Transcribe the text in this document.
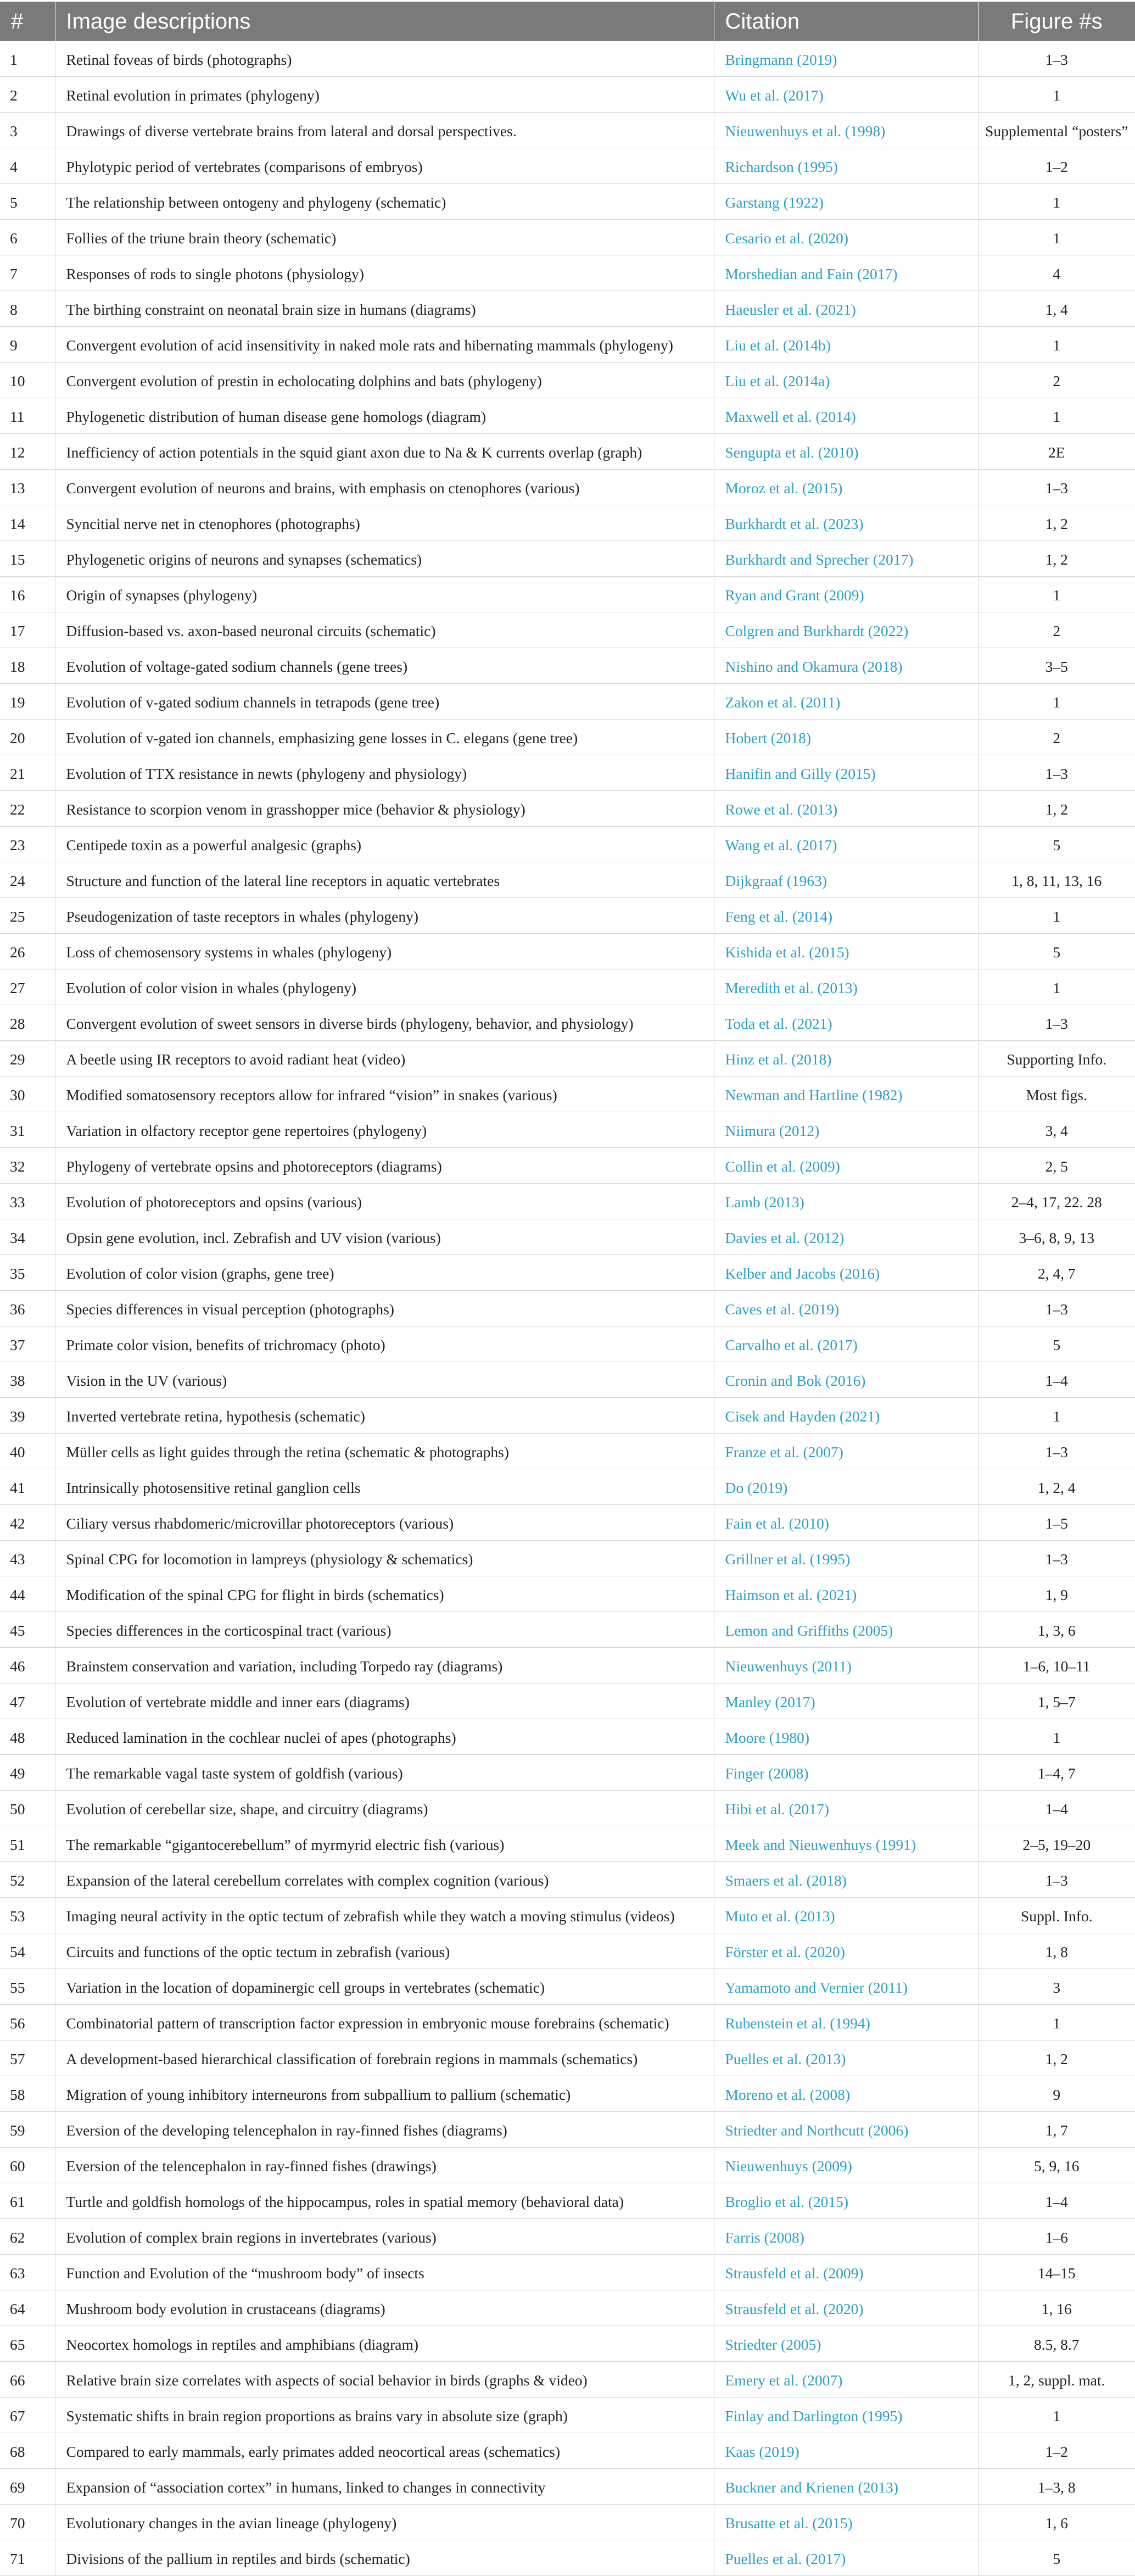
#	Image descriptions	Citation	Figure #s
1	Retinal foveas of birds (photographs)	Bringmann (2019)	1–3
2	Retinal evolution in primates (phylogeny)	Wu et al. (2017)	1
3	Drawings of diverse vertebrate brains from lateral and dorsal perspectives.	Nieuwenhuys et al. (1998)	Supplemental “posters”
4	Phylotypic period of vertebrates (comparisons of embryos)	Richardson (1995)	1–2
5	The relationship between ontogeny and phylogeny (schematic)	Garstang (1922)	1
6	Follies of the triune brain theory (schematic)	Cesario et al. (2020)	1
7	Responses of rods to single photons (physiology)	Morshedian and Fain (2017)	4
8	The birthing constraint on neonatal brain size in humans (diagrams)	Haeusler et al. (2021)	1, 4
9	Convergent evolution of acid insensitivity in naked mole rats and hibernating mammals (phylogeny)	Liu et al. (2014b)	1
10	Convergent evolution of prestin in echolocating dolphins and bats (phylogeny)	Liu et al. (2014a)	2
11	Phylogenetic distribution of human disease gene homologs (diagram)	Maxwell et al. (2014)	1
12	Inefficiency of action potentials in the squid giant axon due to Na & K currents overlap (graph)	Sengupta et al. (2010)	2E
13	Convergent evolution of neurons and brains, with emphasis on ctenophores (various)	Moroz et al. (2015)	1–3
14	Syncitial nerve net in ctenophores (photographs)	Burkhardt et al. (2023)	1, 2
15	Phylogenetic origins of neurons and synapses (schematics)	Burkhardt and Sprecher (2017)	1, 2
16	Origin of synapses (phylogeny)	Ryan and Grant (2009)	1
17	Diffusion-based vs. axon-based neuronal circuits (schematic)	Colgren and Burkhardt (2022)	2
18	Evolution of voltage-gated sodium channels (gene trees)	Nishino and Okamura (2018)	3–5
19	Evolution of v-gated sodium channels in tetrapods (gene tree)	Zakon et al. (2011)	1
20	Evolution of v-gated ion channels, emphasizing gene losses in C. elegans (gene tree)	Hobert (2018)	2
21	Evolution of TTX resistance in newts (phylogeny and physiology)	Hanifin and Gilly (2015)	1–3
22	Resistance to scorpion venom in grasshopper mice (behavior & physiology)	Rowe et al. (2013)	1, 2
23	Centipede toxin as a powerful analgesic (graphs)	Wang et al. (2017)	5
24	Structure and function of the lateral line receptors in aquatic vertebrates	Dijkgraaf (1963)	1, 8, 11, 13, 16
25	Pseudogenization of taste receptors in whales (phylogeny)	Feng et al. (2014)	1
26	Loss of chemosensory systems in whales (phylogeny)	Kishida et al. (2015)	5
27	Evolution of color vision in whales (phylogeny)	Meredith et al. (2013)	1
28	Convergent evolution of sweet sensors in diverse birds (phylogeny, behavior, and physiology)	Toda et al. (2021)	1–3
29	A beetle using IR receptors to avoid radiant heat (video)	Hinz et al. (2018)	Supporting Info.
30	Modified somatosensory receptors allow for infrared “vision” in snakes (various)	Newman and Hartline (1982)	Most figs.
31	Variation in olfactory receptor gene repertoires (phylogeny)	Niimura (2012)	3, 4
32	Phylogeny of vertebrate opsins and photoreceptors (diagrams)	Collin et al. (2009)	2, 5
33	Evolution of photoreceptors and opsins (various)	Lamb (2013)	2–4, 17, 22. 28
34	Opsin gene evolution, incl. Zebrafish and UV vision (various)	Davies et al. (2012)	3–6, 8, 9, 13
35	Evolution of color vision (graphs, gene tree)	Kelber and Jacobs (2016)	2, 4, 7
36	Species differences in visual perception (photographs)	Caves et al. (2019)	1–3
37	Primate color vision, benefits of trichromacy (photo)	Carvalho et al. (2017)	5
38	Vision in the UV (various)	Cronin and Bok (2016)	1–4
39	Inverted vertebrate retina, hypothesis (schematic)	Cisek and Hayden (2021)	1
40	Müller cells as light guides through the retina (schematic & photographs)	Franze et al. (2007)	1–3
41	Intrinsically photosensitive retinal ganglion cells	Do (2019)	1, 2, 4
42	Ciliary versus rhabdomeric/microvillar photoreceptors (various)	Fain et al. (2010)	1–5
43	Spinal CPG for locomotion in lampreys (physiology & schematics)	Grillner et al. (1995)	1–3
44	Modification of the spinal CPG for flight in birds (schematics)	Haimson et al. (2021)	1, 9
45	Species differences in the corticospinal tract (various)	Lemon and Griffiths (2005)	1, 3, 6
46	Brainstem conservation and variation, including Torpedo ray (diagrams)	Nieuwenhuys (2011)	1–6, 10–11
47	Evolution of vertebrate middle and inner ears (diagrams)	Manley (2017)	1, 5–7
48	Reduced lamination in the cochlear nuclei of apes (photographs)	Moore (1980)	1
49	The remarkable vagal taste system of goldfish (various)	Finger (2008)	1–4, 7
50	Evolution of cerebellar size, shape, and circuitry (diagrams)	Hibi et al. (2017)	1–4
51	The remarkable “gigantocerebellum” of myrmyrid electric fish (various)	Meek and Nieuwenhuys (1991)	2–5, 19–20
52	Expansion of the lateral cerebellum correlates with complex cognition (various)	Smaers et al. (2018)	1–3
53	Imaging neural activity in the optic tectum of zebrafish while they watch a moving stimulus (videos)	Muto et al. (2013)	Suppl. Info.
54	Circuits and functions of the optic tectum in zebrafish (various)	Förster et al. (2020)	1, 8
55	Variation in the location of dopaminergic cell groups in vertebrates (schematic)	Yamamoto and Vernier (2011)	3
56	Combinatorial pattern of transcription factor expression in embryonic mouse forebrains (schematic)	Rubenstein et al. (1994)	1
57	A development-based hierarchical classification of forebrain regions in mammals (schematics)	Puelles et al. (2013)	1, 2
58	Migration of young inhibitory interneurons from subpallium to pallium (schematic)	Moreno et al. (2008)	9
59	Eversion of the developing telencephalon in ray-finned fishes (diagrams)	Striedter and Northcutt (2006)	1, 7
60	Eversion of the telencephalon in ray-finned fishes (drawings)	Nieuwenhuys (2009)	5, 9, 16
61	Turtle and goldfish homologs of the hippocampus, roles in spatial memory (behavioral data)	Broglio et al. (2015)	1–4
62	Evolution of complex brain regions in invertebrates (various)	Farris (2008)	1–6
63	Function and Evolution of the “mushroom body” of insects	Strausfeld et al. (2009)	14–15
64	Mushroom body evolution in crustaceans (diagrams)	Strausfeld et al. (2020)	1, 16
65	Neocortex homologs in reptiles and amphibians (diagram)	Striedter (2005)	8.5, 8.7
66	Relative brain size correlates with aspects of social behavior in birds (graphs & video)	Emery et al. (2007)	1, 2, suppl. mat.
67	Systematic shifts in brain region proportions as brains vary in absolute size (graph)	Finlay and Darlington (1995)	1
68	Compared to early mammals, early primates added neocortical areas (schematics)	Kaas (2019)	1–2
69	Expansion of “association cortex” in humans, linked to changes in connectivity	Buckner and Krienen (2013)	1–3, 8
70	Evolutionary changes in the avian lineage (phylogeny)	Brusatte et al. (2015)	1, 6
71	Divisions of the pallium in reptiles and birds (schematic)	Puelles et al. (2017)	5
